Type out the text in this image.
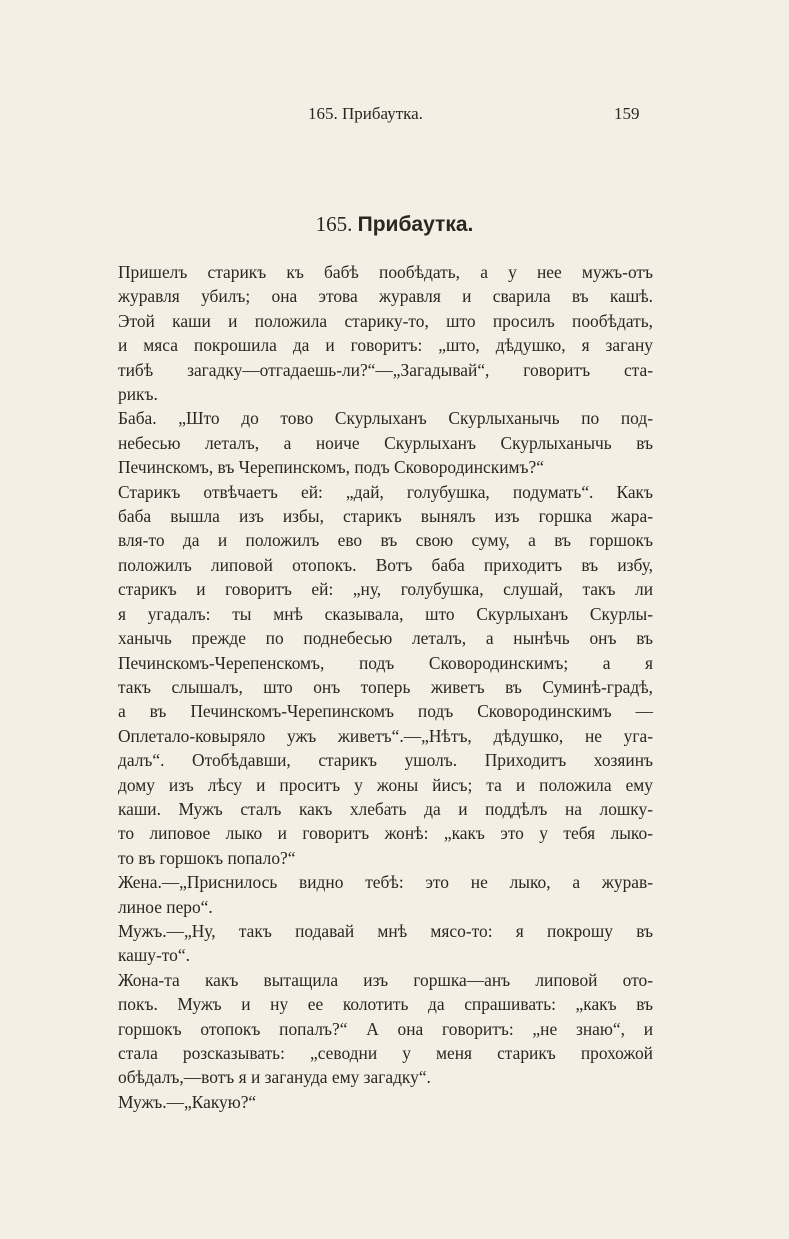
165. Прибаутка.	159
165. Прибаутка.
Пришелъ старикъ къ бабѣ пообѣдать, а у нее мужъ-отъ
журавля убилъ; она этова журавля и сварила въ кашѣ.
Этой каши и положила старику-то, што просилъ пообѣдать,
и мяса покрошила да и говоритъ: „што, дѣдушко, я загану
тибѣ загадку—отгадаешь-ли?“—„Загадывай“, говоритъ ста-
рикъ.
Баба. „Што до тово Скурлыханъ Скурлыханычь по под-
небесью леталъ, а ноичe Скурлыханъ Скурлыханычь въ
Печинскомъ, въ Черепинскомъ, подъ Сковородинскимъ?“
Старикъ отвѣчаетъ ей: „дай, голубушка, подумать“. Какъ
баба вышла изъ избы, старикъ вынялъ изъ горшка жара-
вля-то да и положилъ ево въ свою суму, а въ горшокъ
положилъ липовой отопокъ. Вотъ баба приходитъ въ избу,
старикъ и говоритъ ей: „ну, голубушка, слушай, такъ ли
я угадалъ: ты мнѣ сказывала, што Скурлыханъ Скурлы-
ханычь прежде по поднебесью леталъ, а нынѣчь онъ въ
Печинскомъ-Черепенскомъ, подъ Сковородинскимъ; а я
такъ слышалъ, што онъ топерь живетъ въ Суминѣ-градѣ,
а въ Печинскомъ-Черепинскомъ подъ Сковородинскимъ —
Оплетало-ковыряло ужъ живетъ“.—„Нѣтъ, дѣдушко, не уга-
далъ“. Отобѣдавши, старикъ ушолъ. Приходитъ хозяинъ
дому изъ лѣсу и проситъ у жоны йисъ; та и положила ему
каши. Мужъ сталъ какъ хлебать да и поддѣлъ на лошку-
то липовое лыко и говоритъ жонѣ: „какъ это у тебя лыко-
то въ горшокъ попало?“
Жена.—„Приснилось видно тебѣ: это не лыко, а журав-
линое перо“.
Мужъ.—„Ну, такъ подавай мнѣ мясо-то: я покрошу въ
кашу-то“.
Жона-та какъ вытащила изъ горшка—анъ липовой ото-
покъ. Мужъ и ну ее колотить да спрашивать: „какъ въ
горшокъ отопокъ попалъ?“ А она говоритъ: „не знаю“, и
стала розсказывать: „севодни у меня старикъ прохожой
обѣдалъ,—вотъ я и загануда ему загадку“.
Мужъ.—„Какую?“
